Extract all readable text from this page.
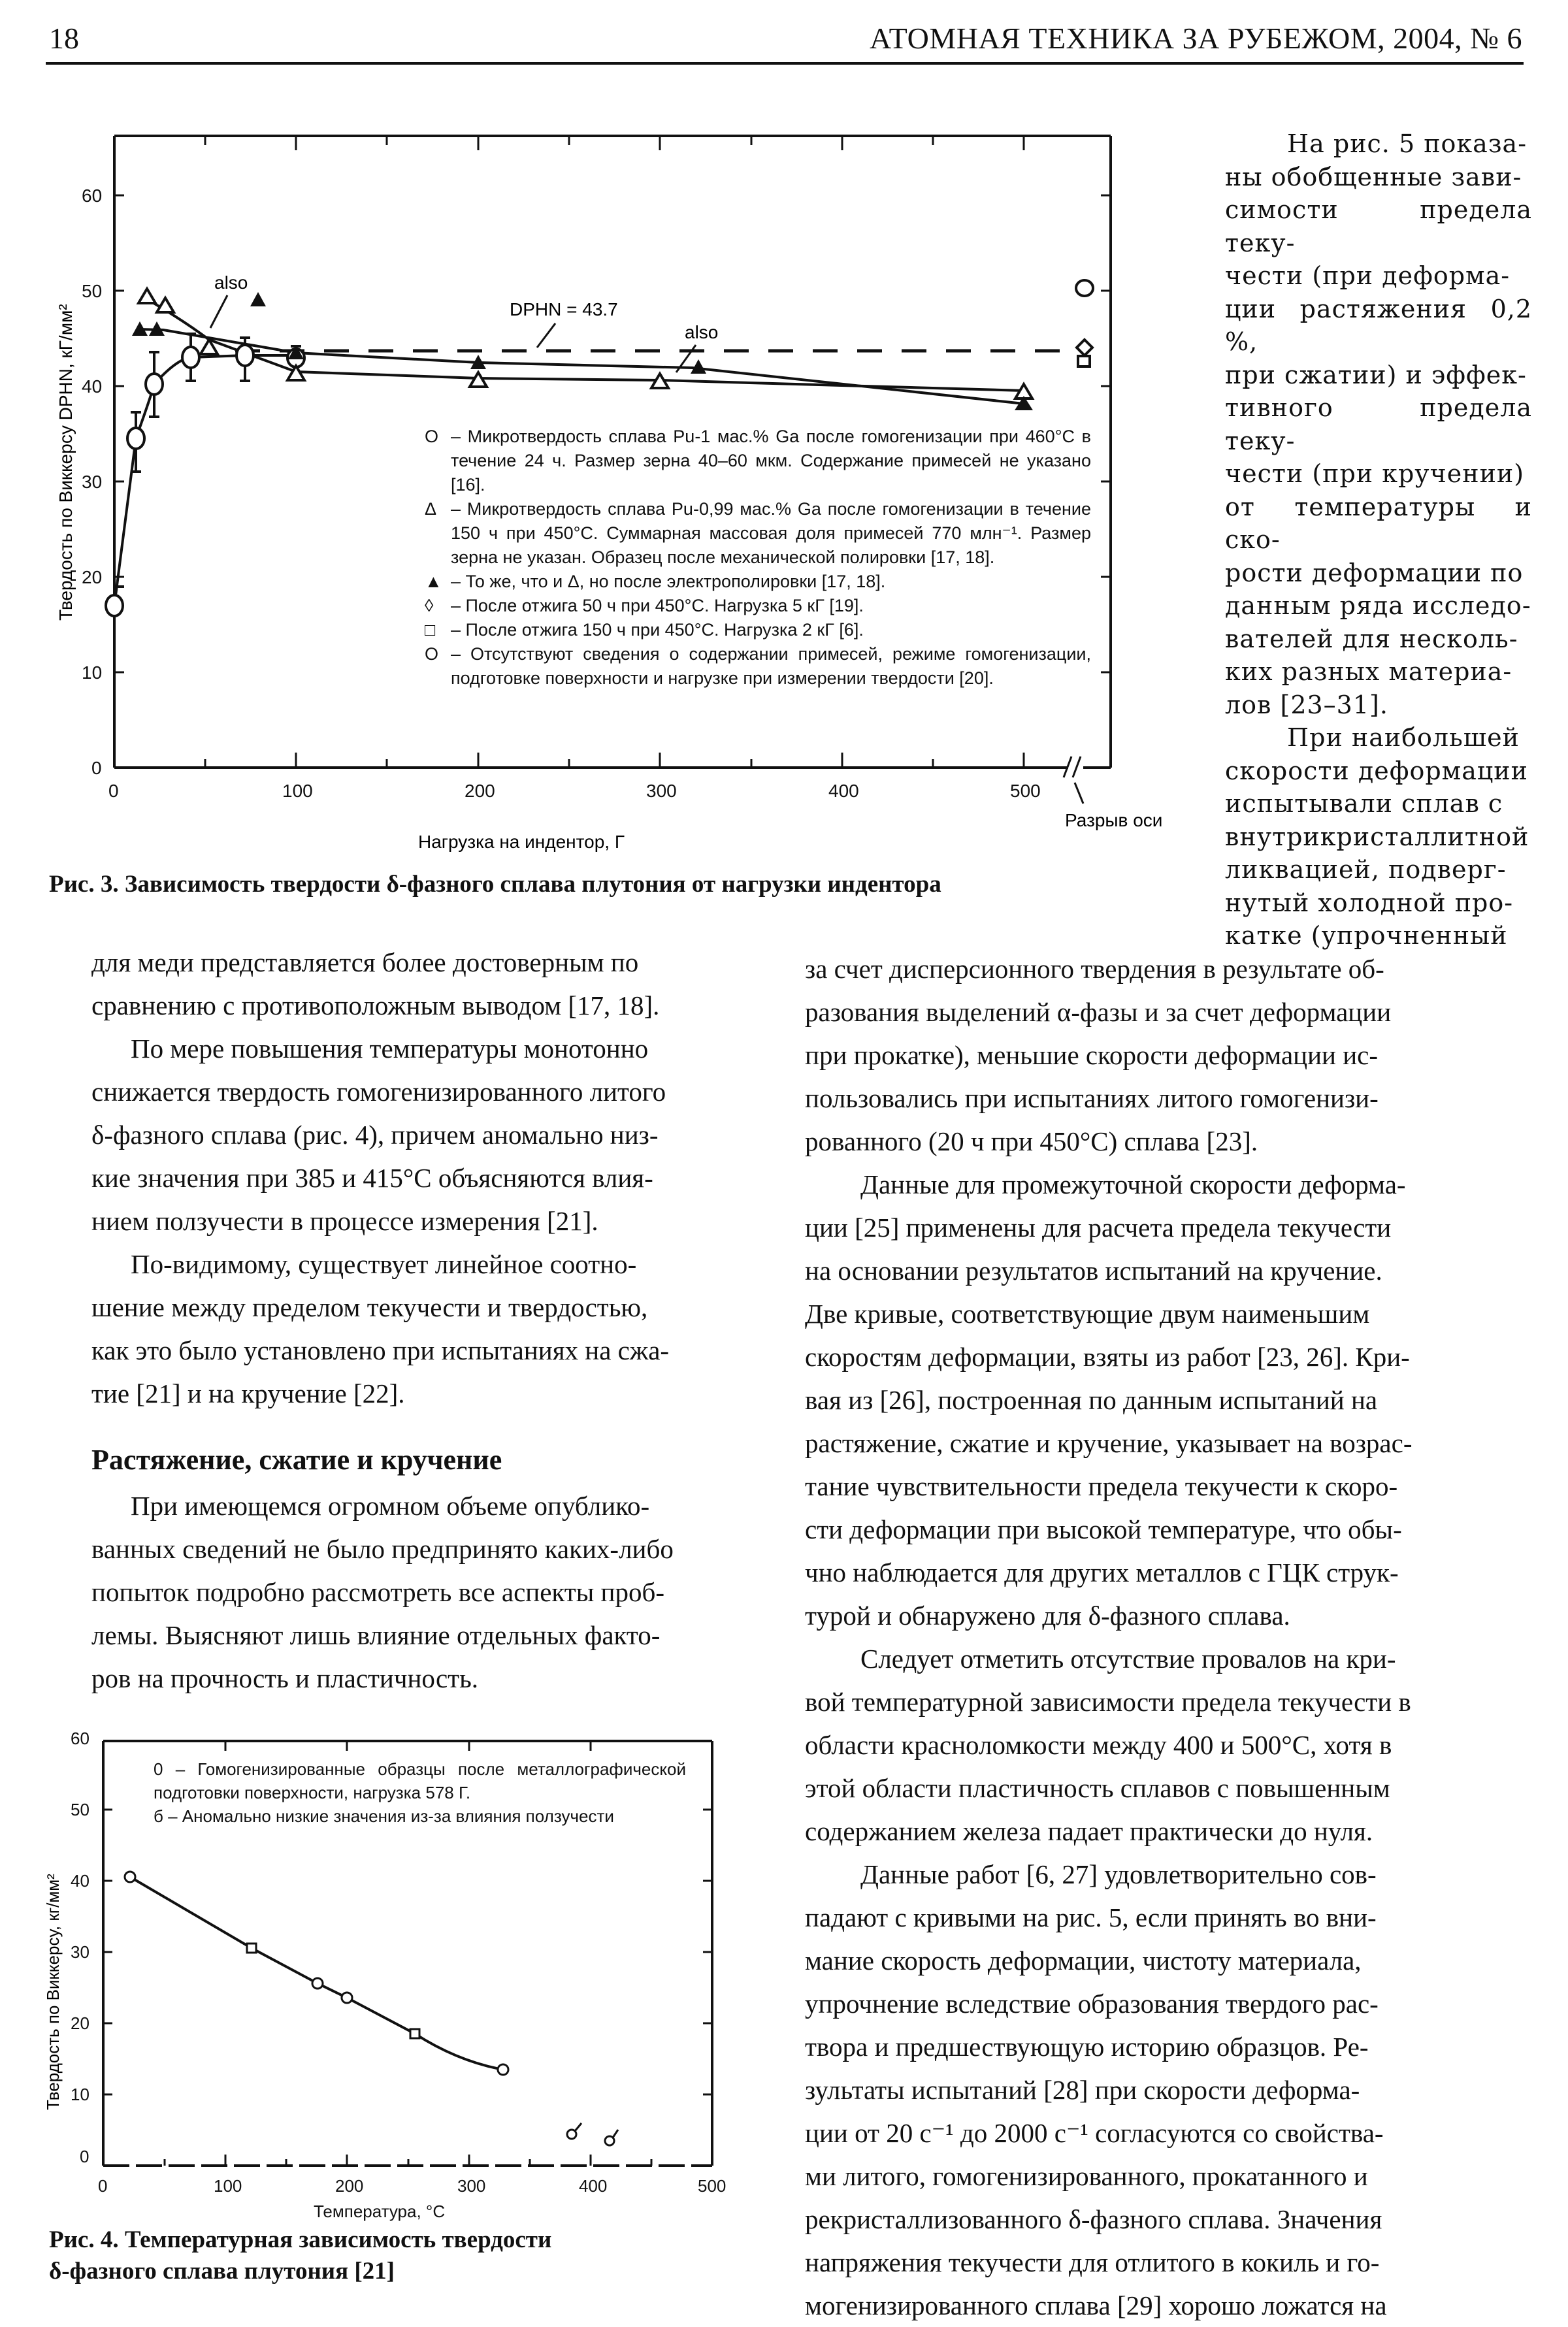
18	АТОМНАЯ ТЕХНИКА ЗА РУБЕЖОМ, 2004, № 6
0
10
20
30
40
50
60
0	100	200	300	400	500
Твердость по Виккерсу DPHN, кГ/мм²
Нагрузка на индентор, Г
Разрыв оси
DPHN = 43.7
also
also
O – Микротвердость сплава Pu-1 мас.% Ga после гомогенизации при 460°С в течение 24 ч. Размер зерна 40–60 мкм. Содержание примесей не указано [16].
Δ – Микротвердость сплава Pu-0,99 мас.% Ga после гомогенизации в течение 150 ч при 450°С. Суммарная массовая доля примесей 770 млн⁻¹. Размер зерна не указан. Образец после механической полировки [17, 18].
▲ – То же, что и Δ, но после электрополировки [17, 18].
◊ – После отжига 50 ч при 450°С. Нагрузка 5 кГ [19].
□ – После отжига 150 ч при 450°С. Нагрузка 2 кГ [6].
O – Отсутствуют сведения о содержании примесей, режиме гомогенизации, подготовке поверхности и нагрузке при измерении твердости [20].
Рис. 3. Зависимость твердости δ-фазного сплава плутония от нагрузки индентора
На рис. 5 показа-
ны обобщенные зави-
симости предела теку-
чести (при деформа-
ции растяжения 0,2 %,
при сжатии) и эффек-
тивного предела теку-
чести (при кручении)
от температуры и ско-
рости деформации по
данным ряда исследо-
вателей для несколь-
ких разных материа-
лов [23–31].
При наибольшей
скорости деформации
испытывали сплав с
внутрикристаллитной
ликвацией, подверг-
нутый холодной про-
катке (упрочненный
для меди представляется более достоверным по
сравнению с противоположным выводом [17, 18].
По мере повышения температуры монотонно
снижается твердость гомогенизированного литого
δ-фазного сплава (рис. 4), причем аномально низ-
кие значения при 385 и 415°С объясняются влия-
нием ползучести в процессе измерения [21].
По-видимому, существует линейное соотно-
шение между пределом текучести и твердостью,
как это было установлено при испытаниях на сжа-
тие [21] и на кручение [22].
Растяжение, сжатие и кручение
При имеющемся огромном объеме опублико-
ванных сведений не было предпринято каких-либо
попыток подробно рассмотреть все аспекты проб-
лемы. Выясняют лишь влияние отдельных факто-
ров на прочность и пластичность.
за счет дисперсионного твердения в результате об-
разования выделений α-фазы и за счет деформации
при прокатке), меньшие скорости деформации ис-
пользовались при испытаниях литого гомогенизи-
рованного (20 ч при 450°С) сплава [23].
Данные для промежуточной скорости деформа-
ции [25] применены для расчета предела текучести
на основании результатов испытаний на кручение.
Две кривые, соответствующие двум наименьшим
скоростям деформации, взяты из работ [23, 26]. Кри-
вая из [26], построенная по данным испытаний на
растяжение, сжатие и кручение, указывает на возрас-
тание чувствительности предела текучести к скоро-
сти деформации при высокой температуре, что обы-
чно наблюдается для других металлов с ГЦК струк-
турой и обнаружено для δ-фазного сплава.
Следует отметить отсутствие провалов на кри-
вой температурной зависимости предела текучести в
области красноломкости между 400 и 500°С, хотя в
этой области пластичность сплавов с повышенным
содержанием железа падает практически до нуля.
Данные работ [6, 27] удовлетворительно сов-
падают с кривыми на рис. 5, если принять во вни-
мание скорость деформации, чистоту материала,
упрочнение вследствие образования твердого рас-
твора и предшествующую историю образцов. Ре-
зультаты испытаний [28] при скорости деформа-
ции от 20 с⁻¹ до 2000 с⁻¹ согласуются со свойства-
ми литого, гомогенизированного, прокатанного и
рекристаллизованного δ-фазного сплава. Значения
напряжения текучести для отлитого в кокиль и го-
могенизированного сплава [29] хорошо ложатся на
0
10
20
30
40
50
60
0	100	200	300	400	500
Твердость по Виккерсу, кг/мм²
0 – Гомогенизированные образцы после металлографической подготовки поверхности, нагрузка 578 Г.
б – Аномально низкие значения из-за влияния ползучести
Температура, °С
Рис. 4. Температурная зависимость твердости
δ-фазного сплава плутония [21]
